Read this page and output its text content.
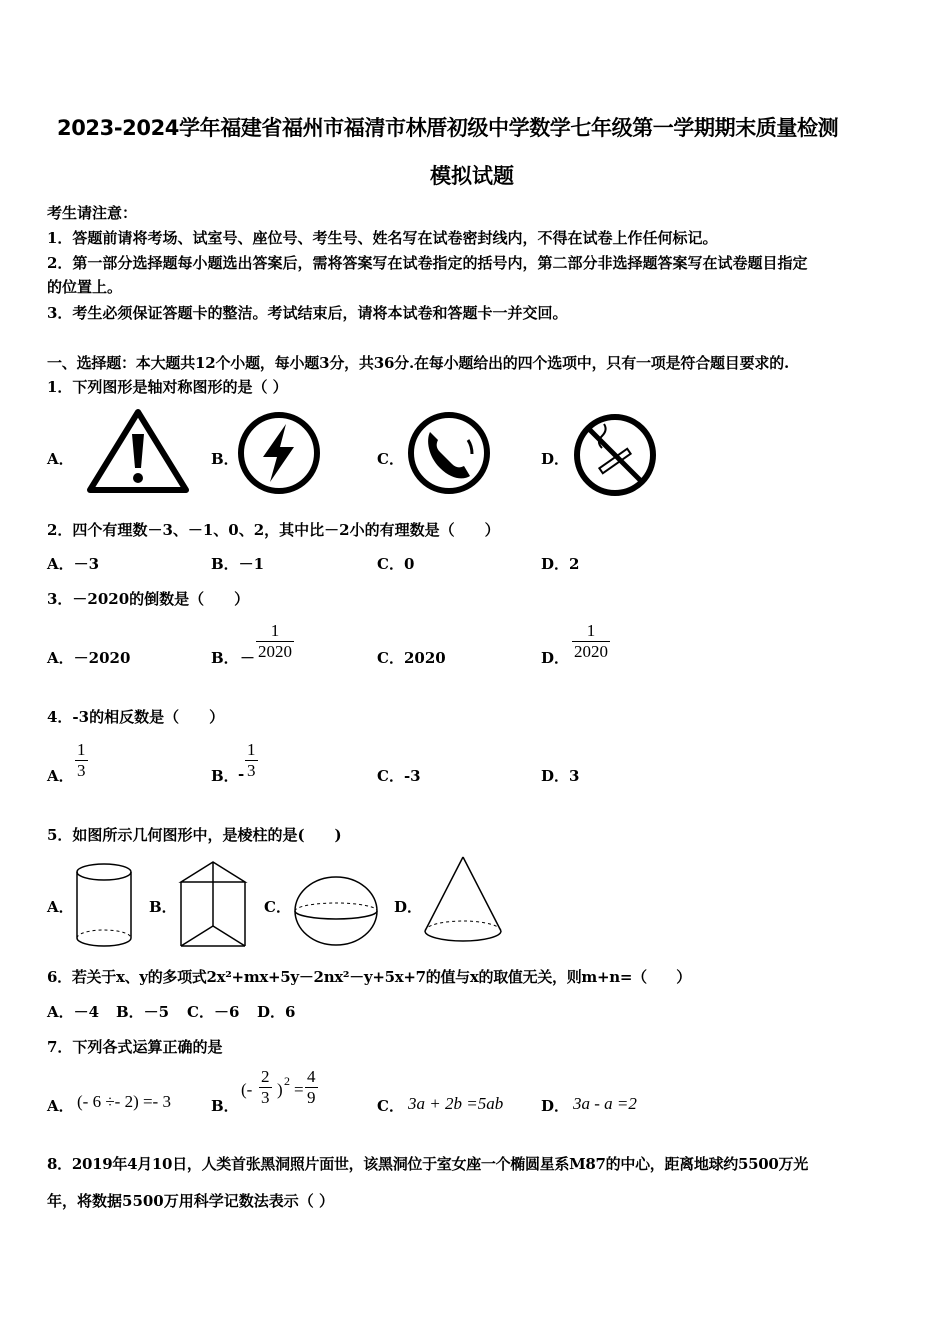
2023-2024学年福建省福州市福清市林厝初级中学数学七年级第一学期期末质量检测
模拟试题
考生请注意：
1．答题前请将考场、试室号、座位号、考生号、姓名写在试卷密封线内，不得在试卷上作任何标记。
2．第一部分选择题每小题选出答案后，需将答案写在试卷指定的括号内，第二部分非选择题答案写在试卷题目指定
的位置上。
3．考生必须保证答题卡的整洁。考试结束后，请将本试卷和答题卡一并交回。
一、选择题：本大题共12个小题，每小题3分，共36分.在每小题给出的四个选项中，只有一项是符合题目要求的.
1．下列图形是轴对称图形的是（ ）
A．	B．	C．	D．
2．四个有理数－3、－1、0、2，其中比－2小的有理数是（　　）
A．－3	B．－1	C．0	D．2
3．－2020的倒数是（　　）
A．－2020	B． － $\frac{1}{2020}$	C．2020	D． $\frac{1}{2020}$
4．-3的相反数是（　　）
A． $\frac{1}{3}$	B． - $\frac{1}{3}$	C．-3	D．3
5．如图所示几何图形中，是棱柱的是(　　)
A．	B．	C．	D．
6．若关于x、y的多项式2x²+mx+5y－2nx²－y+5x+7的值与x的取值无关，则m+n=（　　）
A．－4 B．－5 C．－6 D．6
7．下列各式运算正确的是
A． (- 6 ÷- 2) =- 3	B．
(- $\frac{2}{3}$ ) $2 = \frac{4}{9}$	C． 3a + 2b =5ab	D． 3a - a =2
8．2019年4月10日，人类首张黑洞照片面世，该黑洞位于室女座一个椭圆星系M87的中心，距离地球约5500万光
年，将数据5500万用科学记数法表示（ ）
